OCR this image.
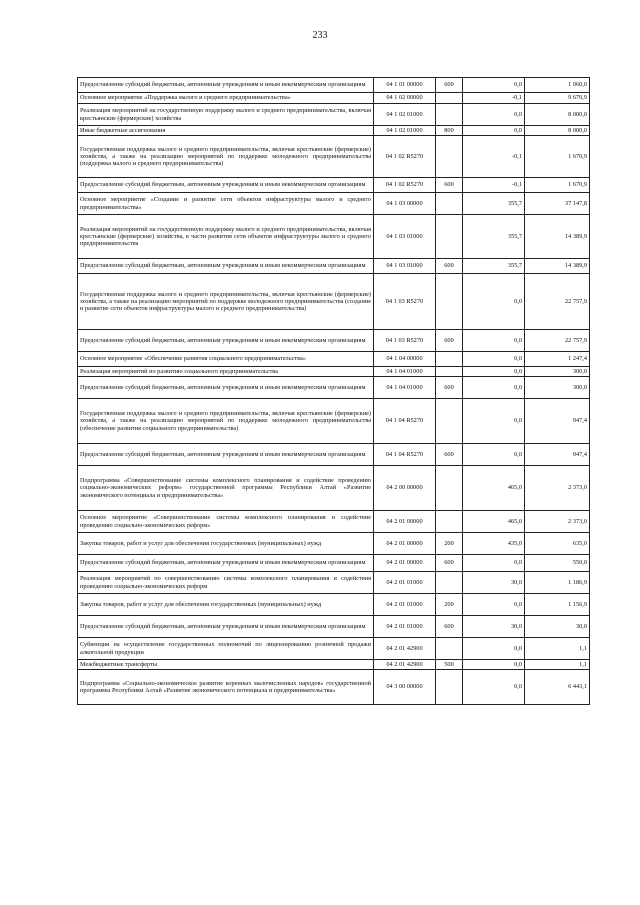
233
Предоставление субсидий бюджетным, автономным учреждениям и иным некоммерческим организациям	04 1 01 00000	600	0,0	1 060,0
Основное мероприятие «Поддержка малого и среднего предпринимательства»	04 1 02 00000		-0,1	9 670,9
Реализация мероприятий на государственную поддержку малого и среднего предпринимательства, включая крестьянские (фермерские) хозяйства	04 1 02 01000		0,0	8 000,0
Иные бюджетные ассигнования	04 1 02 01000	800	0,0	8 000,0
Государственная поддержка малого и среднего предпринимательства, включая крестьянские (фермерские) хозяйства, а также на реализацию мероприятий по поддержке молодежного предпринимательства (поддержка малого и среднего предпринимательства)	04 1 02 R5270		-0,1	1 670,9
Предоставление субсидий бюджетным, автономным учреждениям и иным некоммерческим организациям	04 1 02 R5270	600	-0,1	1 670,9
Основное мероприятие «Создание и развитие сети объектов инфраструктуры малого и среднего предпринимательства»	04 1 03 00000		355,7	37 147,8
Реализация мероприятий на государственную поддержку малого и среднего предпринимательства, включая крестьянские (фермерские) хозяйства, в части развития сети объектов инфраструктуры малого и среднего предпринимательства	04 1 03 01000		355,7	14 389,9
Предоставление субсидий бюджетным, автономным учреждениям и иным некоммерческим организациям	04 1 03 01000	600	355,7	14 389,9
Государственная поддержка малого и среднего предпринимательства, включая крестьянские (фермерские) хозяйства, а также на реализацию мероприятий по поддержке молодежного предпринимательства (создание и развитие сети объектов инфраструктуры малого и среднего предпринимательства)	04 1 03 R5270		0,0	22 757,9
Предоставление субсидий бюджетным, автономным учреждениям и иным некоммерческим организациям	04 1 03 R5270	600	0,0	22 757,9
Основное мероприятие «Обеспечение развития социального предпринимательства»	04 1 04 00000		0,0	1 247,4
Реализация мероприятий по развитию социального предпринимательства	04 1 04 01000		0,0	300,0
Предоставление субсидий бюджетным, автономным учреждениям и иным некоммерческим организациям	04 1 04 01000	600	0,0	300,0
Государственная поддержка малого и среднего предпринимательства, включая крестьянские (фермерские) хозяйства, а также на реализацию мероприятий по поддержке молодежного предпринимательства (обеспечение развития социального предпринимательства)	04 1 04 R5270		0,0	947,4
Предоставление субсидий бюджетным, автономным учреждениям и иным некоммерческим организациям	04 1 04 R5270	600	0,0	947,4
Подпрограмма «Совершенствование системы комплексного планирования и содействие проведению социально-экономических реформ» государственной программы Республики Алтай «Развитие экономического потенциала и предпринимательства»	04 2 00 00000		465,0	2 373,0
Основное мероприятие «Совершенствование системы комплексного планирования и содействие проведению социально-экономических реформ»	04 2 01 00000		465,0	2 373,0
Закупка товаров, работ и услуг для обеспечения государственных (муниципальных) нужд	04 2 01 00000	200	435,0	635,0
Предоставление субсидий бюджетным, автономным учреждениям и иным некоммерческим организациям	04 2 01 00000	600	0,0	550,0
Реализация мероприятий по совершенствованию системы комплексного планирования и содействия проведению социально-экономических реформ	04 2 01 01000		30,0	1 186,9
Закупка товаров, работ и услуг для обеспечения государственных (муниципальных) нужд	04 2 01 01000	200	0,0	1 156,9
Предоставление субсидий бюджетным, автономным учреждениям и иным некоммерческим организациям	04 2 01 01000	600	30,0	30,0
Субвенции на осуществление государственных полномочий по лицензированию розничной продажи алкогольной продукции	04 2 01 42900		0,0	1,1
Межбюджетные трансферты	04 2 01 42900	500	0,0	1,1
Подпрограмма «Социально-экономическое развитие коренных малочисленных народов» государственной программы Республики Алтай «Развитие экономического потенциала и предпринимательства»	04 3 00 00000		0,0	6 443,1
